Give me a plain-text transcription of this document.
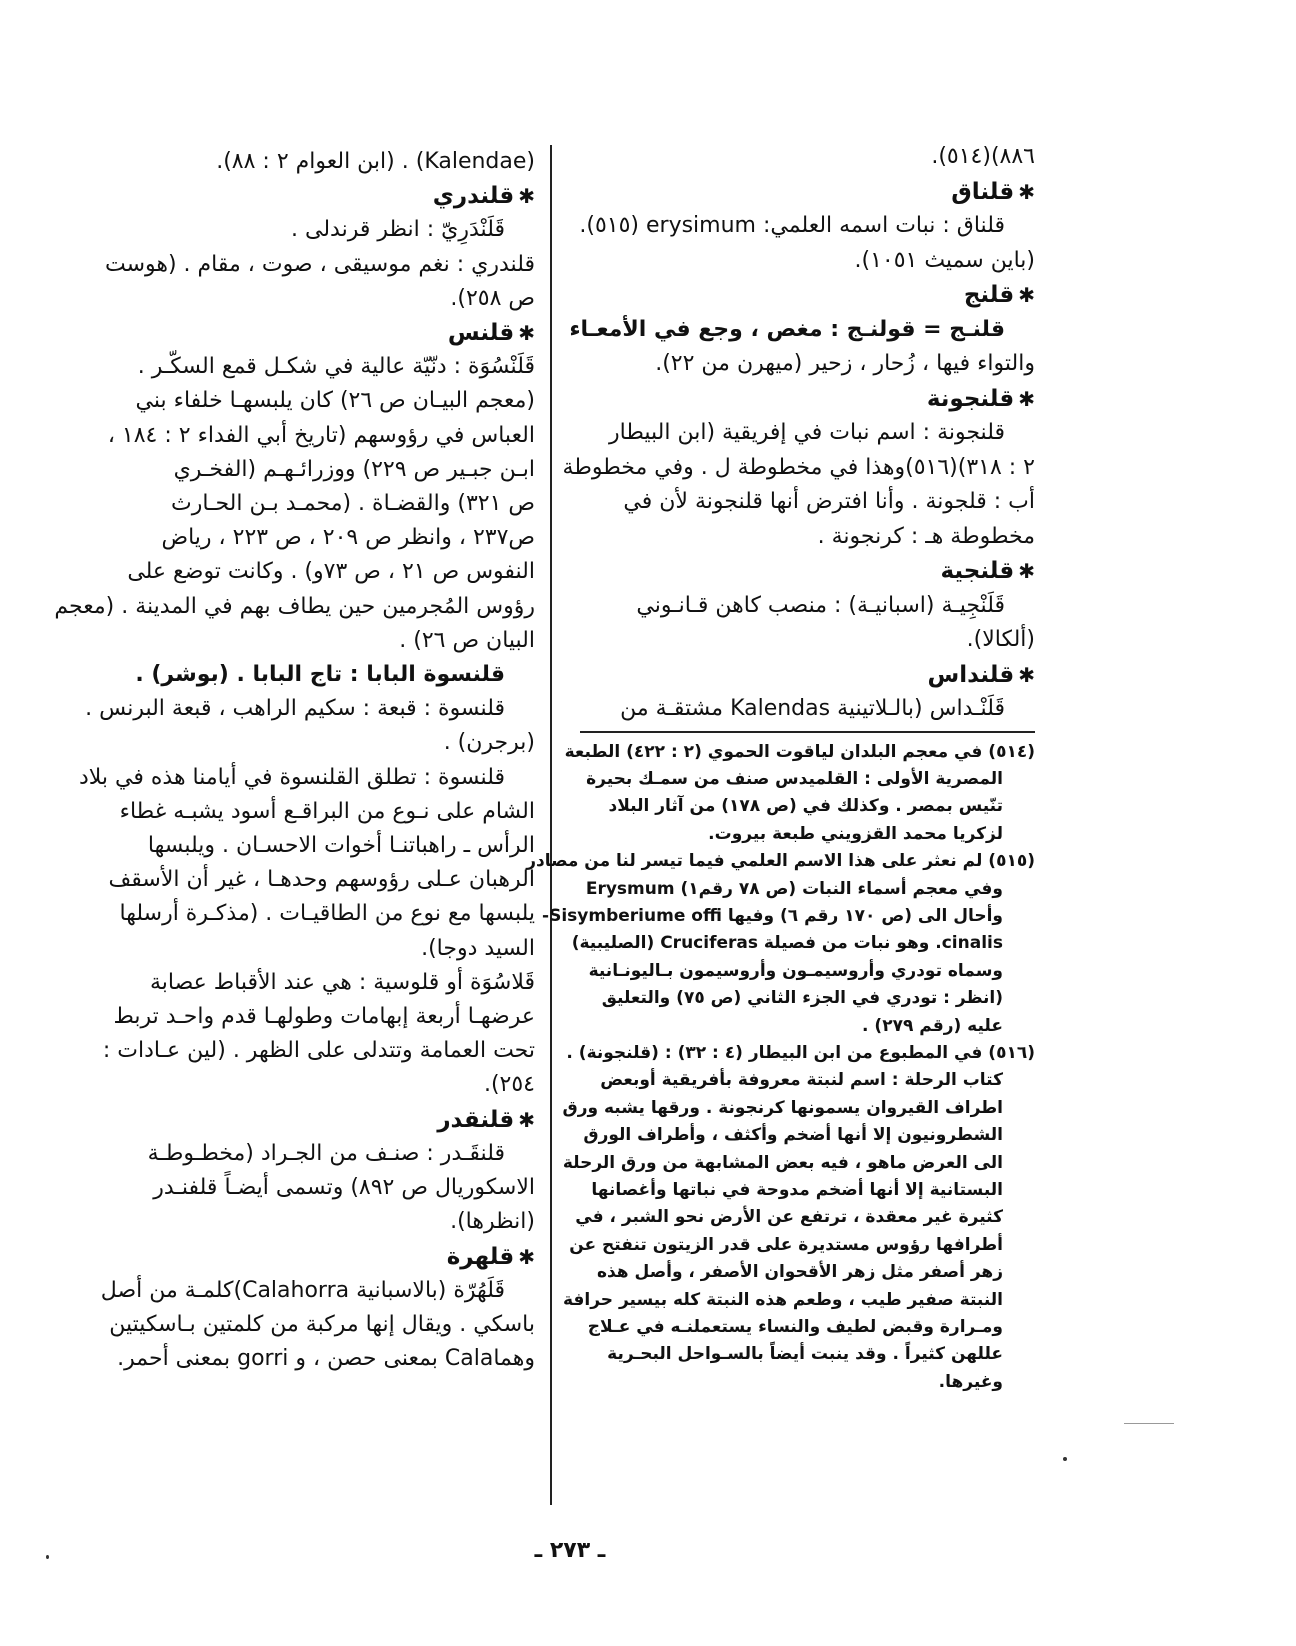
٨٨٦)(٥١٤).
✱قلناق
قلناق : نبات اسمه العلمي: erysimum (٥١٥).
(باين سميث ١٠٥١).
✱قلنج
قلنـج = قولنـج : مغص ، وجع في الأمعـاء
والتواء فيها ، زُحار ، زحير (ميهرن من ٢٢).
✱قلنجونة
قلنجونة : اسم نبات في إفريقية (ابن البيطار
٢ : ٣١٨)(٥١٦)وهذا في مخطوطة ل . وفي مخطوطة
أب : قلجونة . وأنا افترض أنها قلنجونة لأن في
مخطوطة هـ : كرنجونة .
✱قلنجية
قَلَنْجِيـة (اسبانيـة) : منصب كاهن قـانـوني
(ألكالا).
✱قلنداس
قَلَنْـداس (بالـلاتينية Kalendas مشتقـة من
(٥١٤) في معجم البلدان لياقوت الحموي (٢ : ٤٢٢) الطبعة
المصرية الأولى : القلميدس صنف من سمـك بحيرة
تنّيس بمصر . وكذلك في (ص ١٧٨) من آثار البلاد
لزكريا محمد القزويني طبعة بيروت.
(٥١٥) لم نعثر على هذا الاسم العلمي فيما تيسر لنا من مصادر
وفي معجم أسماء النبات (ص ٧٨ رقم١) Erysmum
وأحال الى (ص ١٧٠ رقم ٦) وفيها Sisymberiume offi-
cinalis. وهو نبات من فصيلة Cruciferas (الصليبية)
وسماه تودري وأروسيمـون وأروسيمون بـاليونـانية
(انظر : تودري في الجزء الثاني (ص ٧٥) والتعليق
عليه (رقم ٢٧٩) .
(٥١٦) في المطبوع من ابن البيطار (٤ : ٣٢) : (قلنجونة) .
كتاب الرحلة : اسم لنبتة معروفة بأفريقية أوبعض
اطراف القيروان يسمونها كرنجونة . ورقها يشبه ورق
الشطرونيون إلا أنها أضخم وأكثف ، وأطراف الورق
الى العرض ماهو ، فيه بعض المشابهة من ورق الرحلة
البستانية إلا أنها أضخم مدوحة في نباتها وأغصانها
كثيرة غير معقدة ، ترتفع عن الأرض نحو الشبر ، في
أطرافها رؤوس مستديرة على قدر الزيتون تنفتح عن
زهر أصفر مثل زهر الأقحوان الأصفر ، وأصل هذه
النبتة صفير طيب ، وطعم هذه النبتة كله بيسير حرافة
ومـرارة وقبض لطيف والنساء يستعملنـه في عـلاج
عللهن كثيراً . وقد ينبت أيضاً بالسـواحل البحـرية
وغيرها.
(Kalendae) . (ابن العوام ٢ : ٨٨).
✱قلندري
قَلَنْدَرِيّ : انظر قرندلى .
قلندري : نغم موسيقى ، صوت ، مقام . (هوست
ص ٢٥٨).
✱قلنس
قَلَنْسُوَة : دنّيّة عالية في شكـل قمع السكّـر .
(معجم البيـان ص ٢٦) كان يلبسهـا خلفاء بني
العباس في رؤوسهم (تاريخ أبي الفداء ٢ : ١٨٤ ،
ابـن جبـير ص ٢٢٩) ووزرائـهـم (الفخـري
ص ٣٢١) والقضـاة . (محمـد بـن الحـارث
ص٢٣٧ ، وانظر ص ٢٠٩ ، ص ٢٢٣ ، رياض
النفوس ص ٢١ ، ص ٧٣و) . وكانت توضع على
رؤوس المُجرمين حين يطاف بهم في المدينة . (معجم
البيان ص ٢٦) .
قلنسوة البابا : تاج البابا . (بوشر) .
قلنسوة : قبعة : سكيم الراهب ، قبعة البرنس .
(برجرن) .
قلنسوة : تطلق القلنسوة في أيامنا هذه في بلاد
الشام على نـوع من البراقـع أسود يشبـه غطاء
الرأس ـ راهباتنـا أخوات الاحسـان . ويلبسها
الرهبان عـلى رؤوسهم وحدهـا ، غير أن الأسقف
يلبسها مع نوع من الطاقيـات . (مذكـرة أرسلها
السيد دوجا).
قَلاسُوَة أو قلوسية : هي عند الأقباط عصابة
عرضهـا أربعة إبهامات وطولهـا قدم واحـد تربط
تحت العمامة وتتدلى على الظهر . (لين عـادات :
٢٥٤).
✱قلنقدر
قلنقَـدر : صنـف من الجـراد (مخطـوطـة
الاسكوريال ص ٨٩٢) وتسمى أيضـاً قلفنـدر
(انظرها).
✱قلهرة
قَلَهُرّة (بالاسبانية Calahorra)كلمـة من أصل
باسكي . ويقال إنها مركبة من كلمتين بـاسكيتين
وهماCala بمعنى حصن ، و gorri بمعنى أحمر.
ـ ٢٧٣ ـ
